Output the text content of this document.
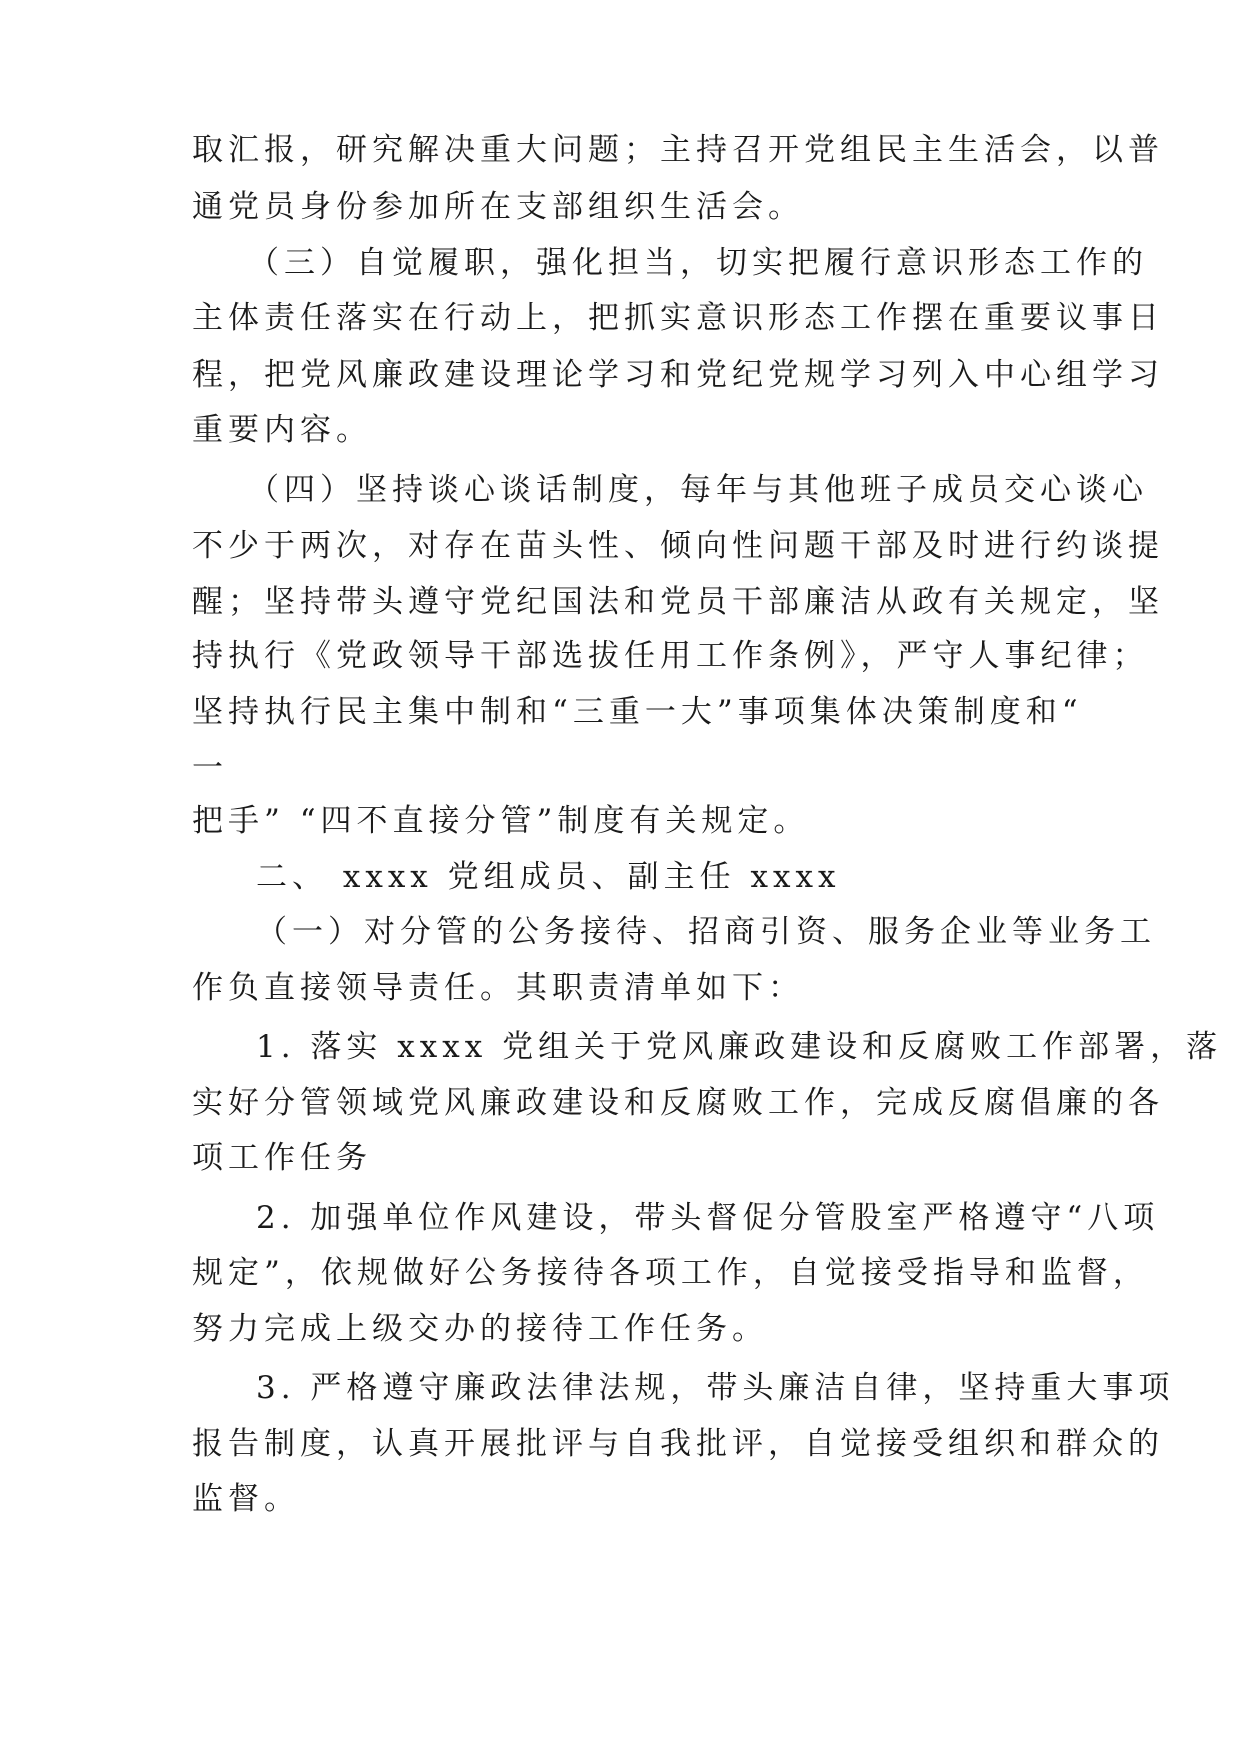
取汇报，研究解决重大问题；主持召开党组民主生活会，以普
通党员身份参加所在支部组织生活会。
（三）自觉履职，强化担当，切实把履行意识形态工作的
主体责任落实在行动上，把抓实意识形态工作摆在重要议事日
程，把党风廉政建设理论学习和党纪党规学习列入中心组学习
重要内容。
（四）坚持谈心谈话制度，每年与其他班子成员交心谈心
不少于两次，对存在苗头性、倾向性问题干部及时进行约谈提
醒；坚持带头遵守党纪国法和党员干部廉洁从政有关规定，坚
持执行《党政领导干部选拔任用工作条例》，严守人事纪律；
坚持执行民主集中制和“三重一大”事项集体决策制度和“
一
把手” “四不直接分管”制度有关规定。
二、 xxxx 党组成员、副主任 xxxx
（一）对分管的公务接待、招商引资、服务企业等业务工
作负直接领导责任。其职责清单如下：
1. 落实 xxxx 党组关于党风廉政建设和反腐败工作部署，落
实好分管领域党风廉政建设和反腐败工作，完成反腐倡廉的各
项工作任务
2. 加强单位作风建设，带头督促分管股室严格遵守“八项
规定”，依规做好公务接待各项工作，自觉接受指导和监督，
努力完成上级交办的接待工作任务。
3. 严格遵守廉政法律法规，带头廉洁自律，坚持重大事项
报告制度，认真开展批评与自我批评，自觉接受组织和群众的
监督。
